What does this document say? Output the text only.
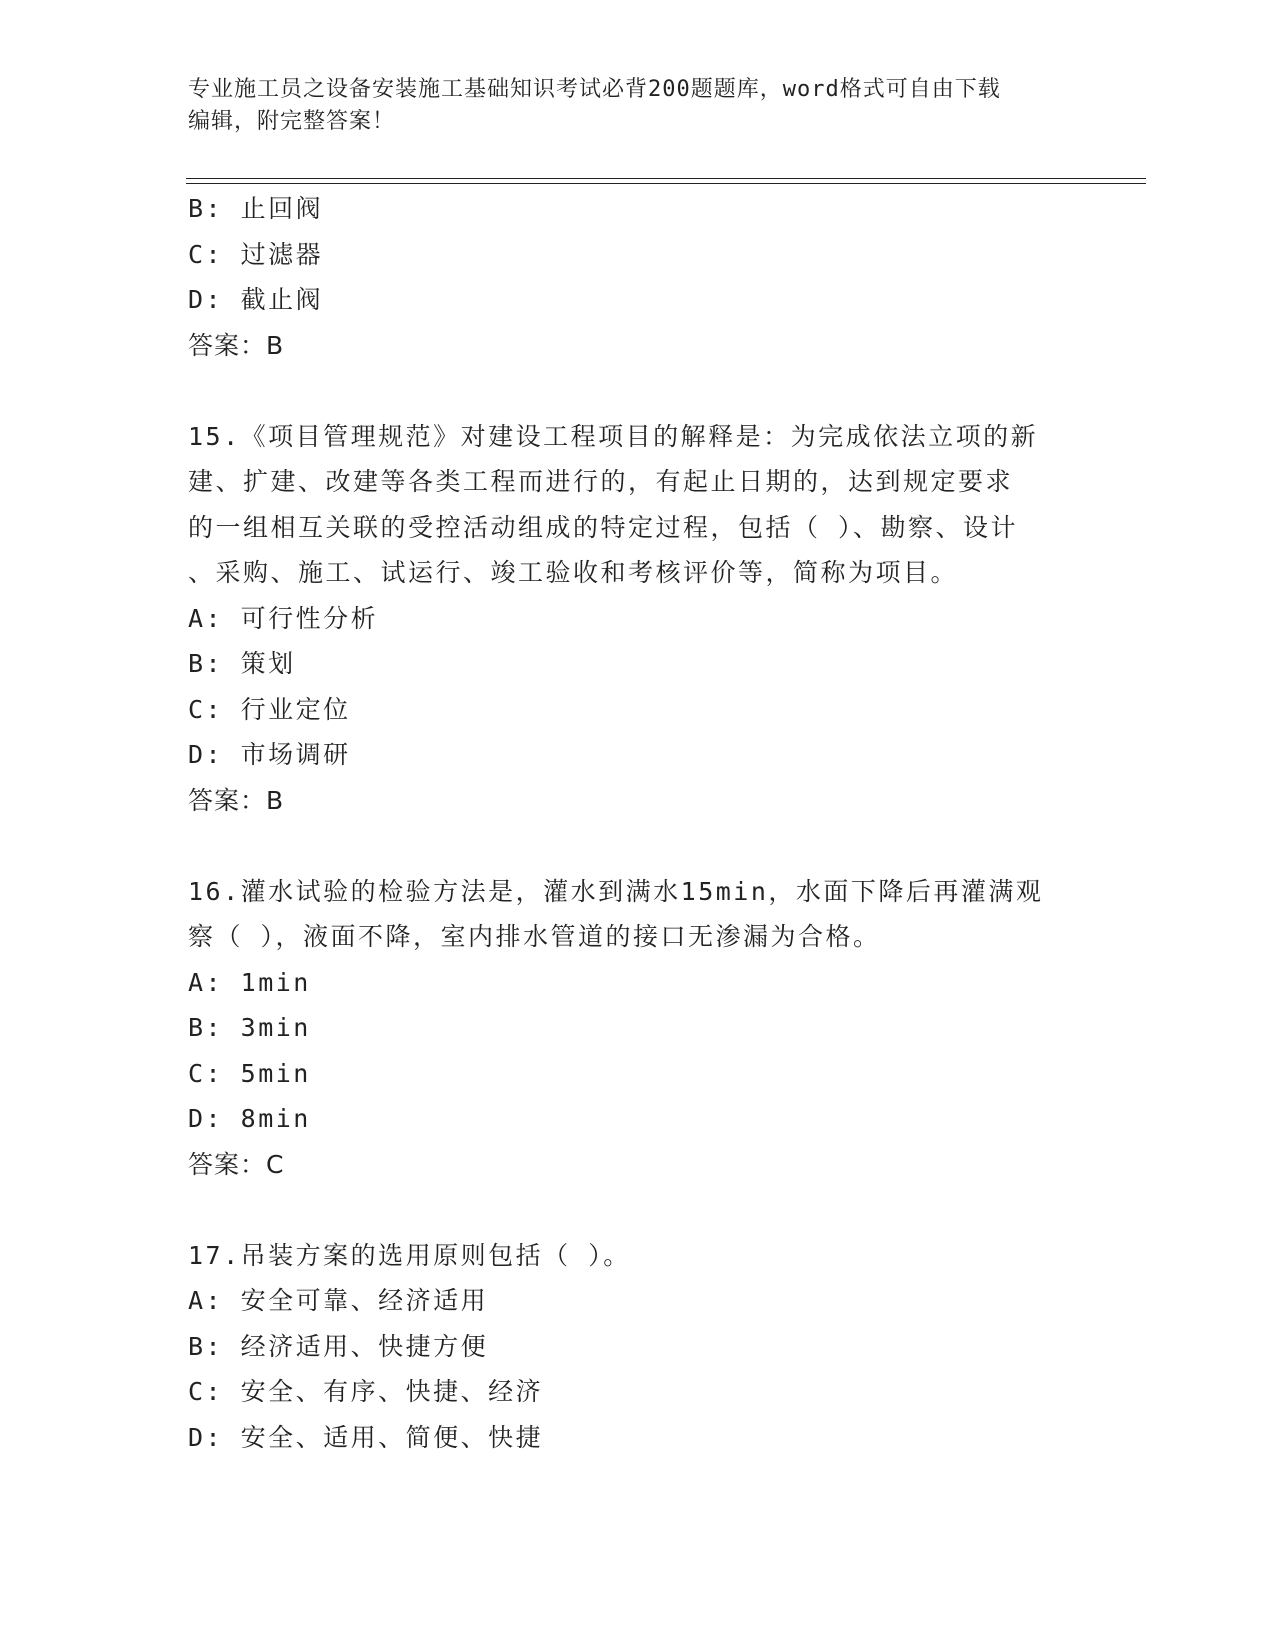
专业施工员之设备安装施工基础知识考试必背200题题库，word格式可自由下载
编辑，附完整答案！
B: 止回阀
C: 过滤器
D: 截止阀
答案：B
15.《项目管理规范》对建设工程项目的解释是：为完成依法立项的新
建、扩建、改建等各类工程而进行的，有起止日期的，达到规定要求
的一组相互关联的受控活动组成的特定过程，包括（ ）、勘察、设计
、采购、施工、试运行、竣工验收和考核评价等，简称为项目。
A: 可行性分析
B: 策划
C: 行业定位
D: 市场调研
答案：B
16.灌水试验的检验方法是，灌水到满水15min，水面下降后再灌满观
察（ ），液面不降，室内排水管道的接口无渗漏为合格。
A: 1min
B: 3min
C: 5min
D: 8min
答案：C
17.吊装方案的选用原则包括（ ）。
A: 安全可靠、经济适用
B: 经济适用、快捷方便
C: 安全、有序、快捷、经济
D: 安全、适用、简便、快捷
